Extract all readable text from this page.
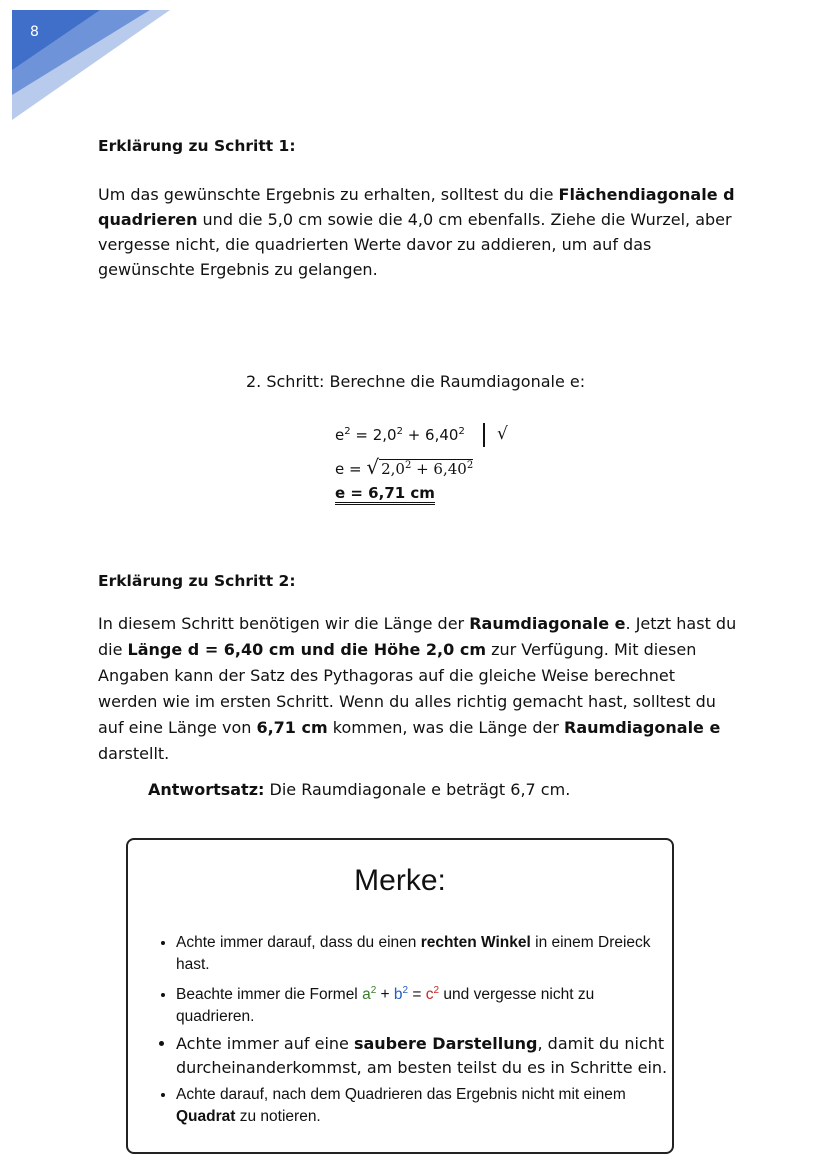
8
Erklärung zu Schritt 1:
Um das gewünschte Ergebnis zu erhalten, solltest du die Flächendiagonale d quadrieren und die 5,0 cm sowie die 4,0 cm ebenfalls. Ziehe die Wurzel, aber vergesse nicht, die quadrierten Werte davor zu addieren, um auf das gewünschte Ergebnis zu gelangen.
2. Schritt: Berechne die Raumdiagonale e:
$e^2 = 2,0^2 + 6,40^2$ √
e = √ $2,0^2 + 6,40^2$
e = 6,71 cm
Erklärung zu Schritt 2:
In diesem Schritt benötigen wir die Länge der Raumdiagonale e. Jetzt hast du die Länge d = 6,40 cm und die Höhe 2,0 cm zur Verfügung. Mit diesen Angaben kann der Satz des Pythagoras auf die gleiche Weise berechnet werden wie im ersten Schritt. Wenn du alles richtig gemacht hast, solltest du auf eine Länge von 6,71 cm kommen, was die Länge der Raumdiagonale e darstellt.
Antwortsatz: Die Raumdiagonale e beträgt 6,7 cm.
Merke:
• Achte immer darauf, dass du einen rechten Winkel in einem Dreieck hast.
• Beachte immer die Formel $a^2 + b^2 = c^2$ und vergesse nicht zu quadrieren.
• Achte immer auf eine saubere Darstellung, damit du nicht durcheinanderkommst, am besten teilst du es in Schritte ein.
• Achte darauf, nach dem Quadrieren das Ergebnis nicht mit einem Quadrat zu notieren.
